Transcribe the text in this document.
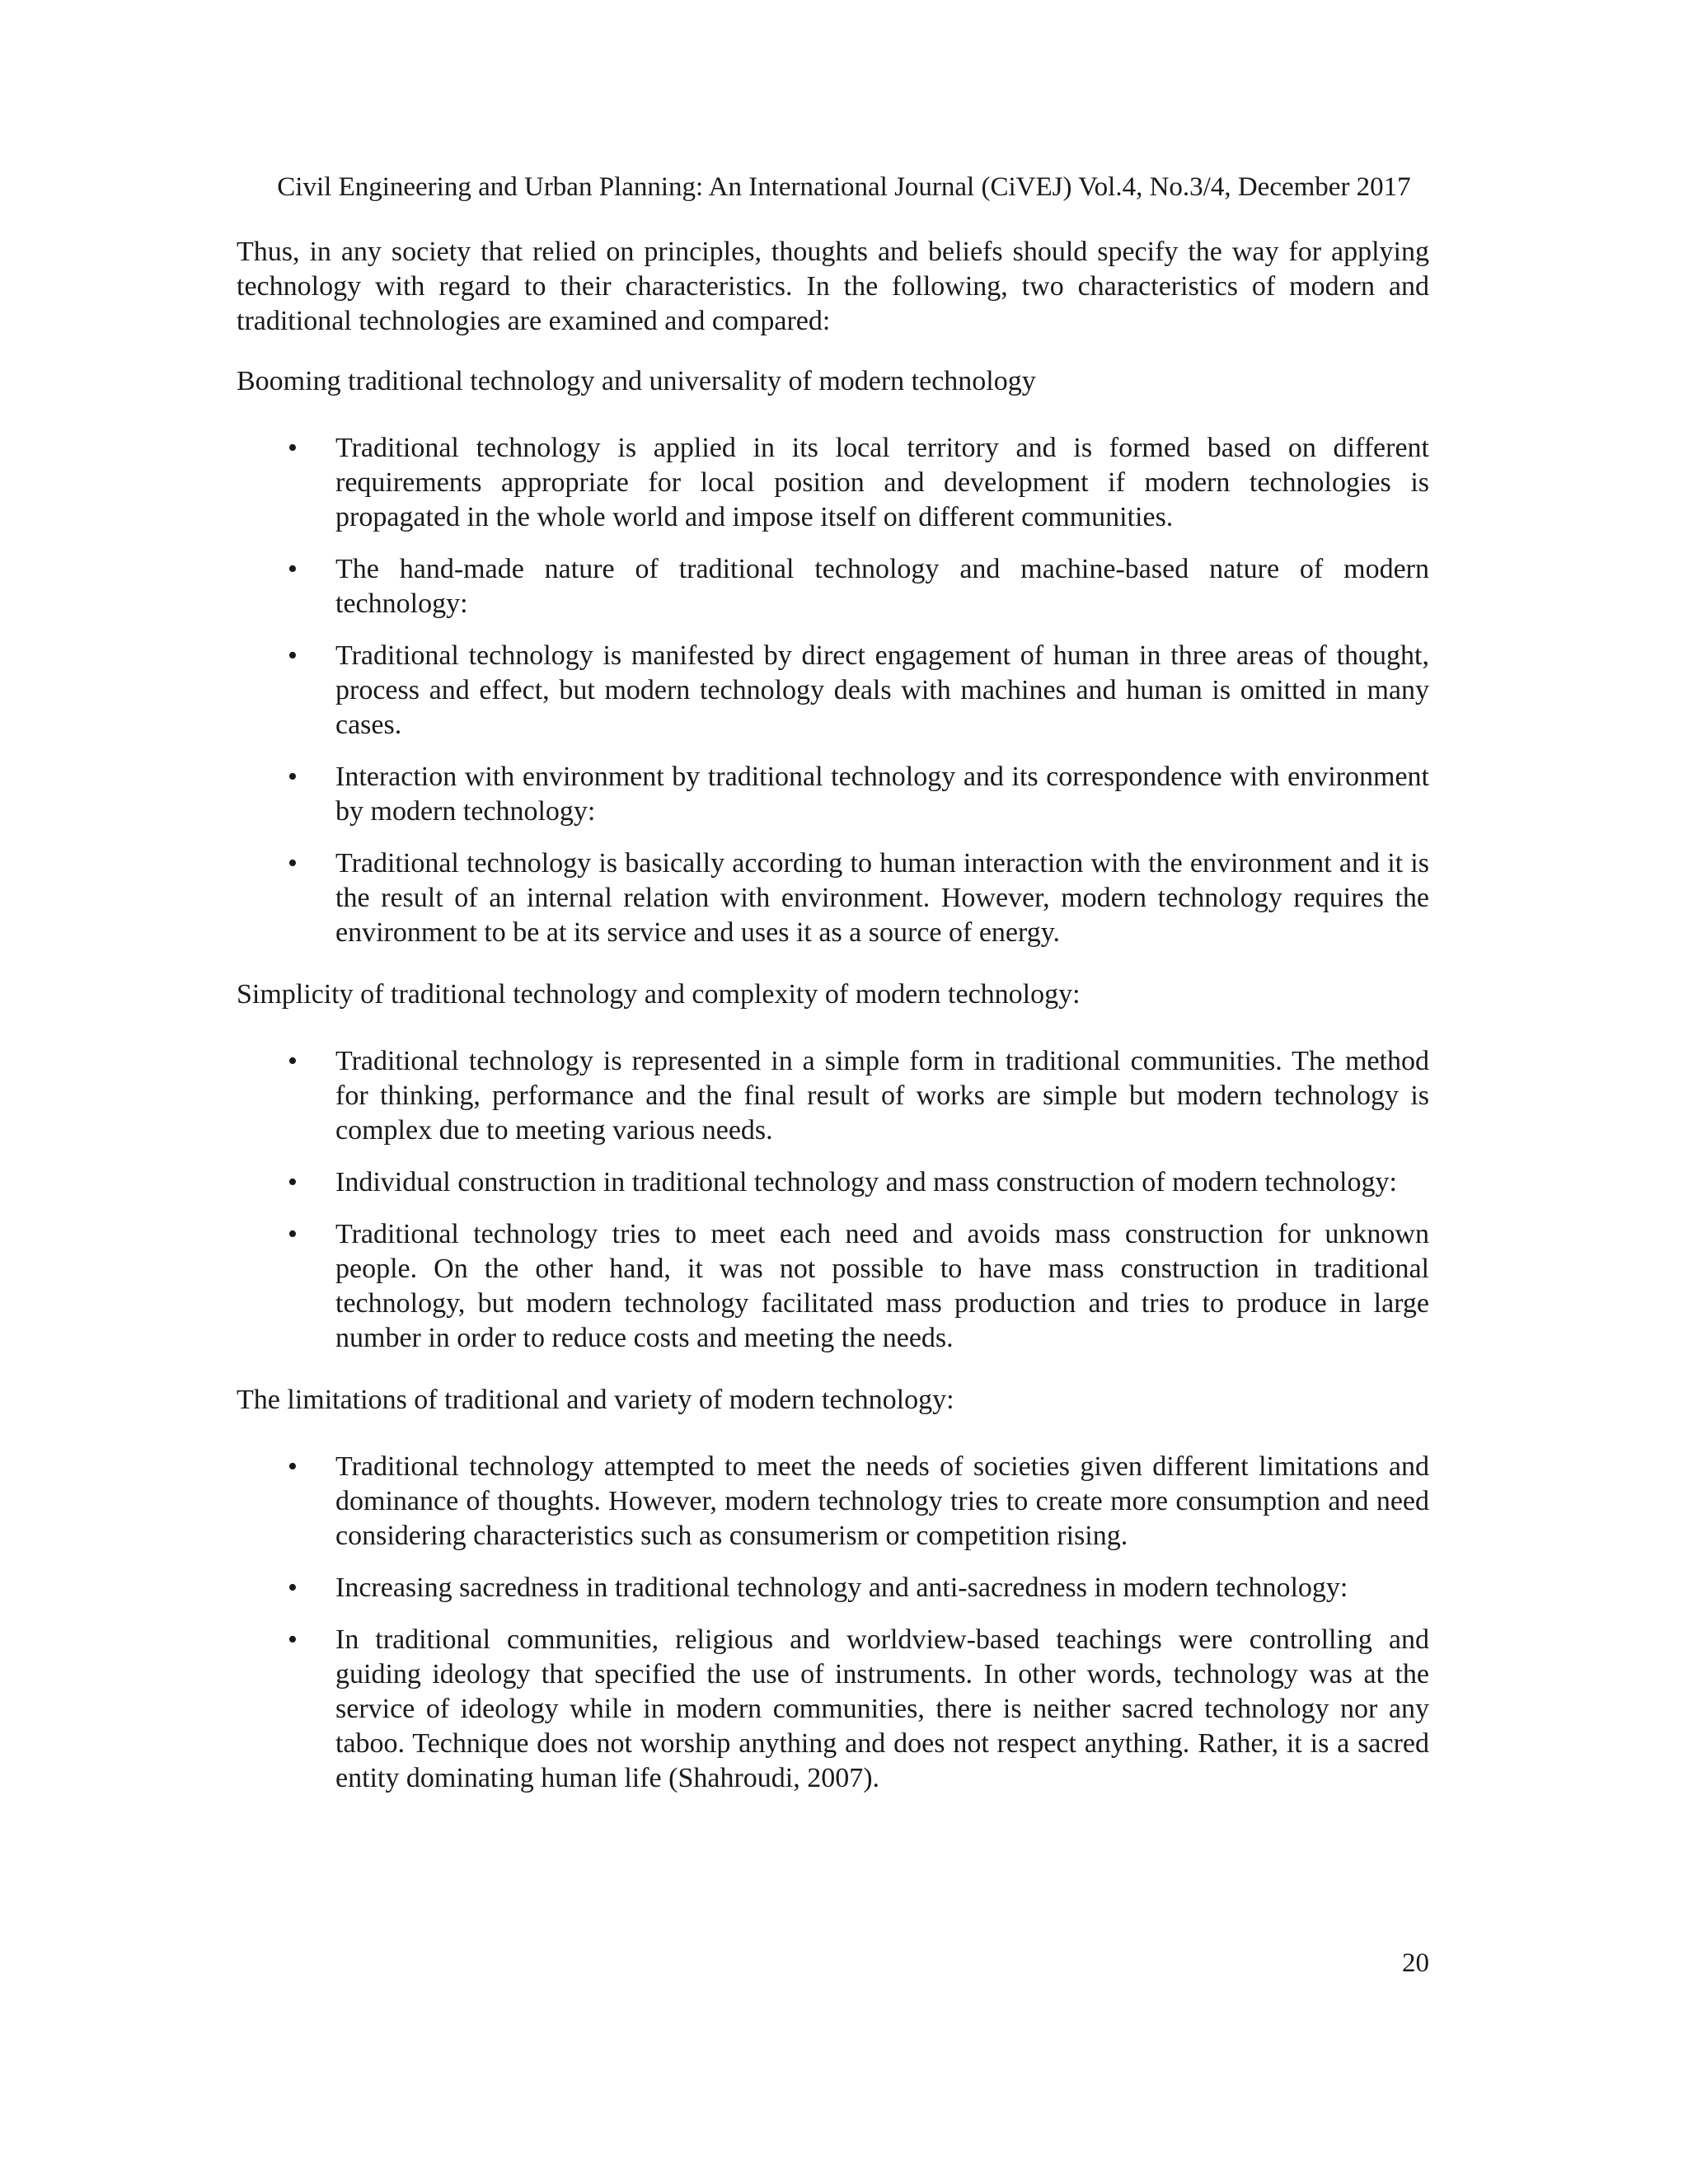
Civil Engineering and Urban Planning: An International Journal (CiVEJ) Vol.4, No.3/4, December 2017

Thus, in any society that relied on principles, thoughts and beliefs should specify the way for applying technology with regard to their characteristics. In the following, two characteristics of modern and traditional technologies are examined and compared:

Booming traditional technology and universality of modern technology

• Traditional technology is applied in its local territory and is formed based on different requirements appropriate for local position and development if modern technologies is propagated in the whole world and impose itself on different communities.
• The hand-made nature of traditional technology and machine-based nature of modern technology:
• Traditional technology is manifested by direct engagement of human in three areas of thought, process and effect, but modern technology deals with machines and human is omitted in many cases.
• Interaction with environment by traditional technology and its correspondence with environment by modern technology:
• Traditional technology is basically according to human interaction with the environment and it is the result of an internal relation with environment. However, modern technology requires the environment to be at its service and uses it as a source of energy.

Simplicity of traditional technology and complexity of modern technology:

• Traditional technology is represented in a simple form in traditional communities. The method for thinking, performance and the final result of works are simple but modern technology is complex due to meeting various needs.
• Individual construction in traditional technology and mass construction of modern technology:
• Traditional technology tries to meet each need and avoids mass construction for unknown people. On the other hand, it was not possible to have mass construction in traditional technology, but modern technology facilitated mass production and tries to produce in large number in order to reduce costs and meeting the needs.

The limitations of traditional and variety of modern technology:

• Traditional technology attempted to meet the needs of societies given different limitations and dominance of thoughts. However, modern technology tries to create more consumption and need considering characteristics such as consumerism or competition rising.
• Increasing sacredness in traditional technology and anti-sacredness in modern technology:
• In traditional communities, religious and worldview-based teachings were controlling and guiding ideology that specified the use of instruments. In other words, technology was at the service of ideology while in modern communities, there is neither sacred technology nor any taboo. Technique does not worship anything and does not respect anything. Rather, it is a sacred entity dominating human life (Shahroudi, 2007).
20
